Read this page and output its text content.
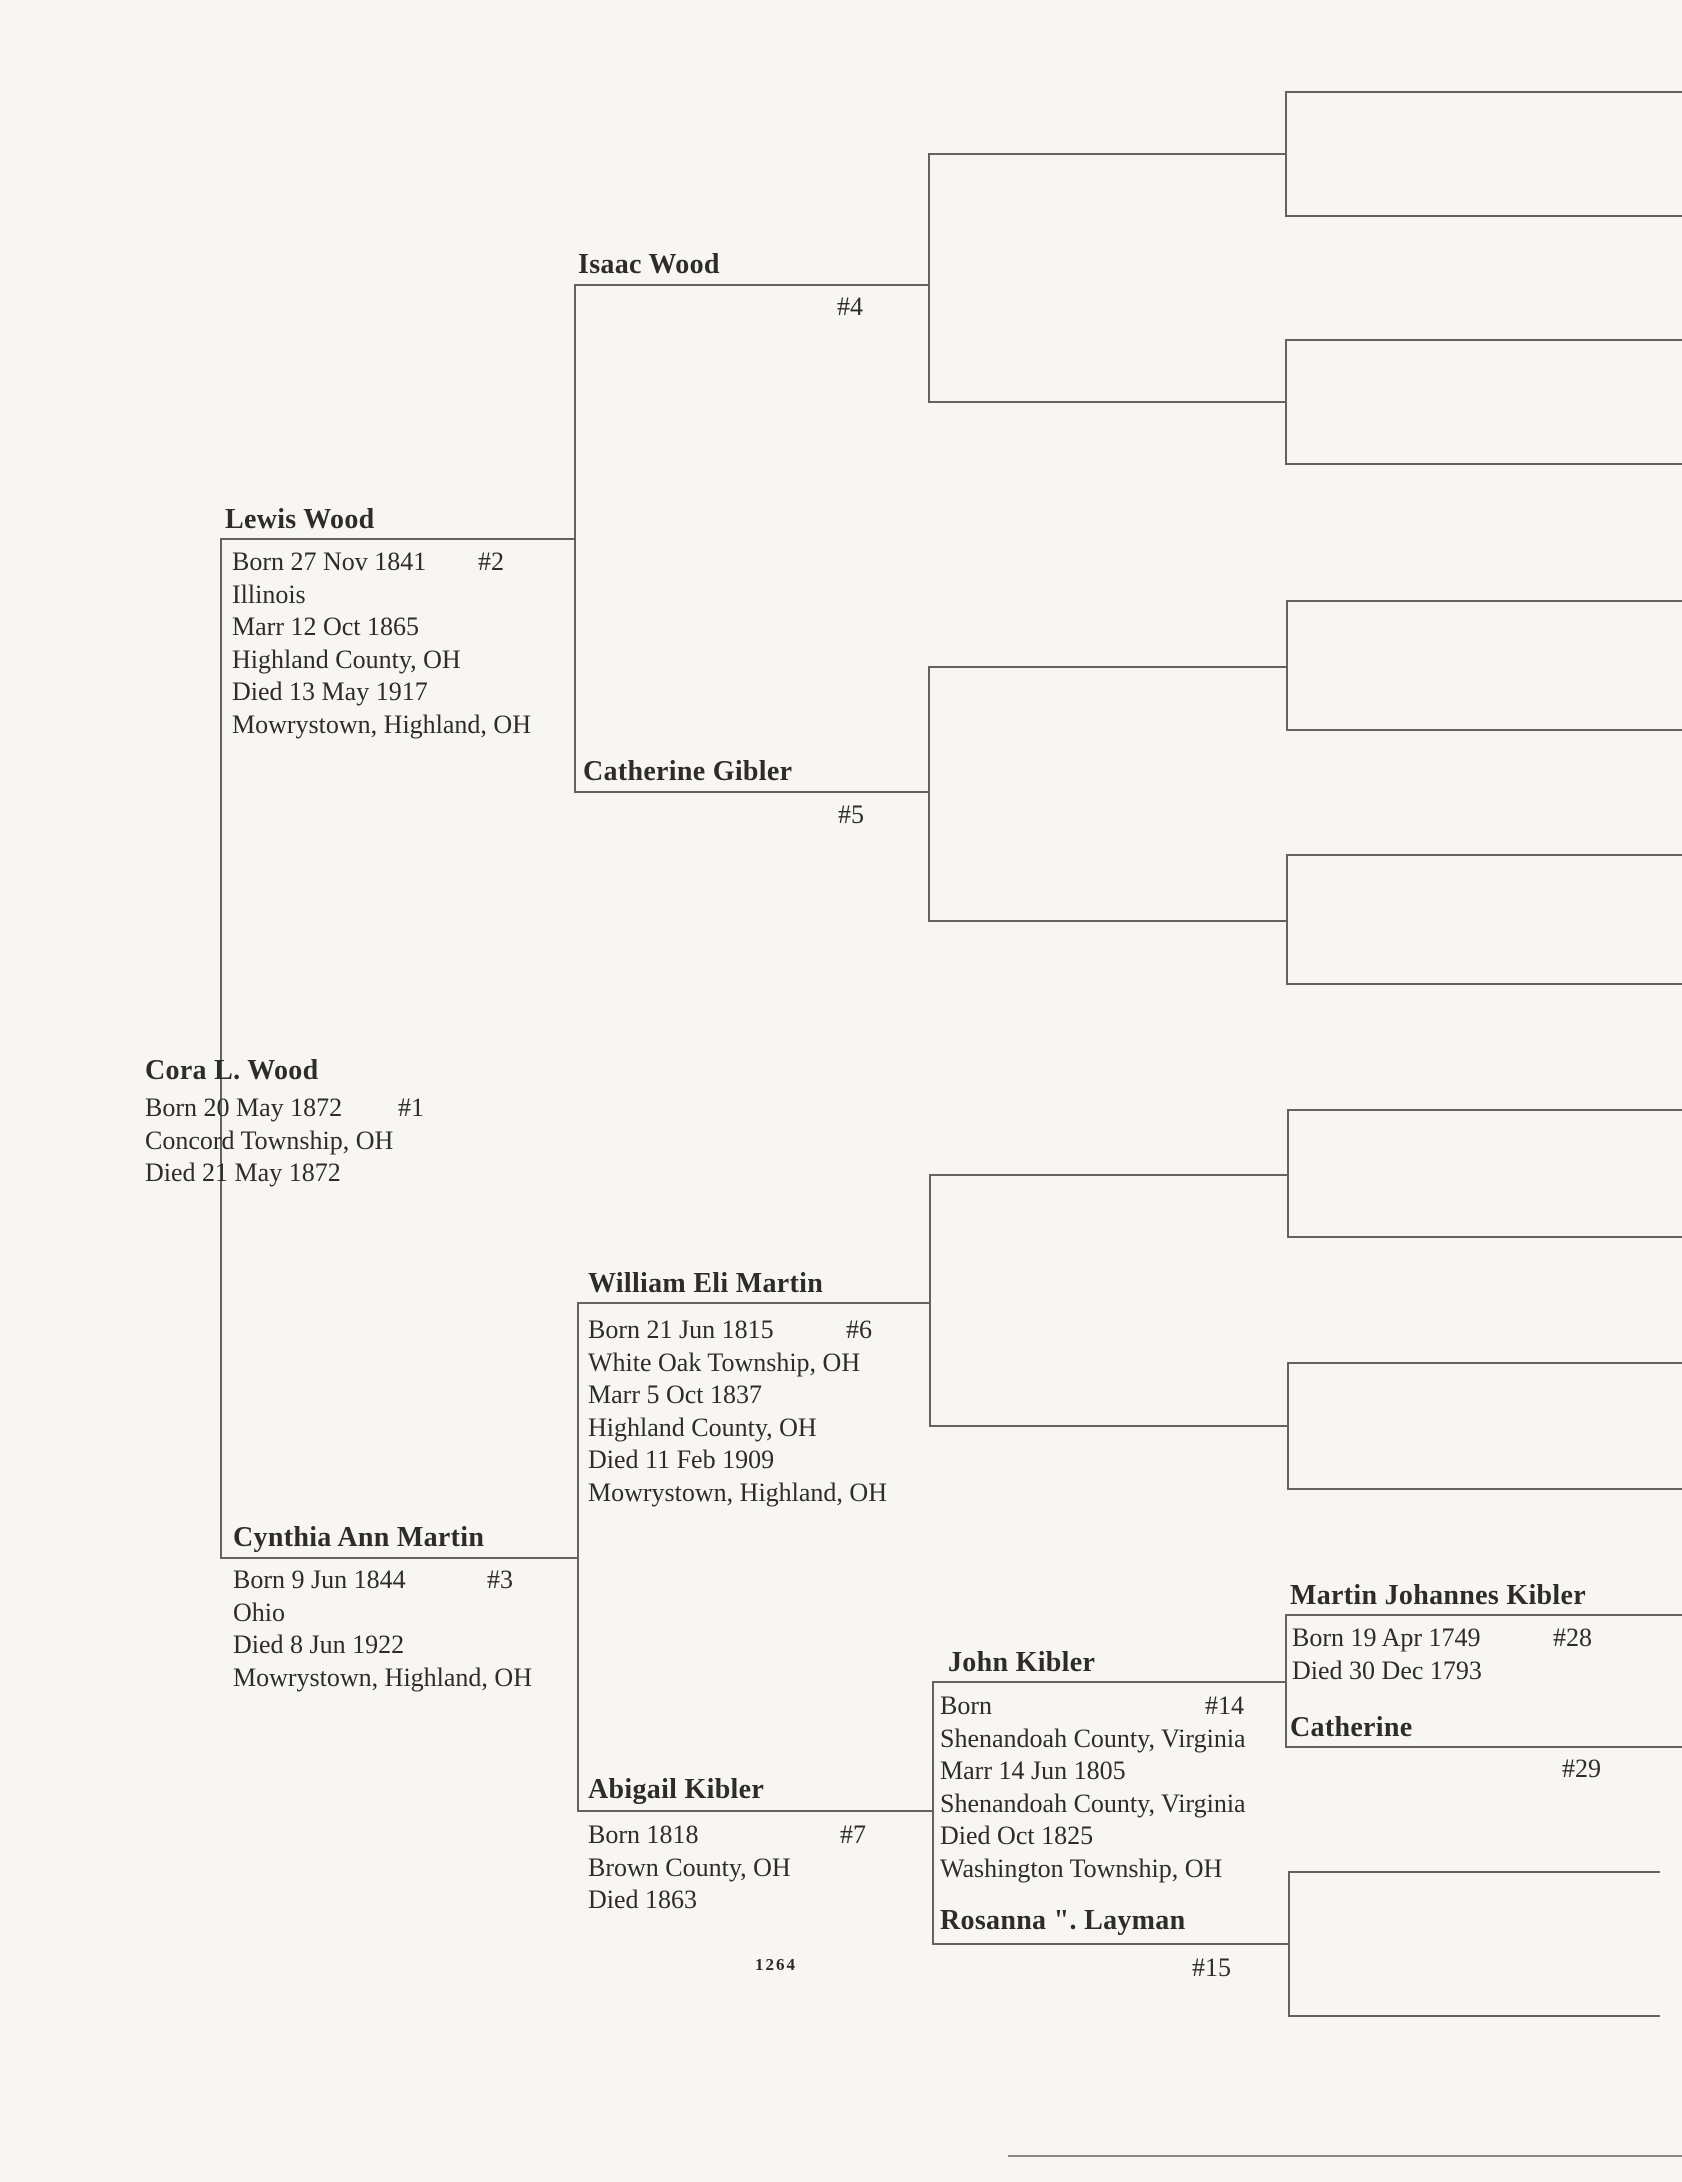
Cora L. Wood
#1
Born 20 May 1872
Concord Township, OH
Died 21 May 1872
Lewis Wood
#2
Born 27 Nov 1841
Illinois
Marr 12 Oct 1865
Highland County, OH
Died 13 May 1917
Mowrystown, Highland, OH
Cynthia Ann Martin
#3
Born 9 Jun 1844
Ohio
Died 8 Jun 1922
Mowrystown, Highland, OH
Isaac Wood
#4
Catherine Gibler
#5
William Eli Martin
#6
Born 21 Jun 1815
White Oak Township, OH
Marr 5 Oct 1837
Highland County, OH
Died 11 Feb 1909
Mowrystown, Highland, OH
Abigail Kibler
#7
Born 1818
Brown County, OH
Died 1863
John Kibler
#14
Born
Shenandoah County, Virginia
Marr 14 Jun 1805
Shenandoah County, Virginia
Died Oct 1825
Washington Township, OH
Rosanna ". Layman
#15
Martin Johannes Kibler
#28
Born 19 Apr 1749
Died 30 Dec 1793
Catherine
#29
1264
